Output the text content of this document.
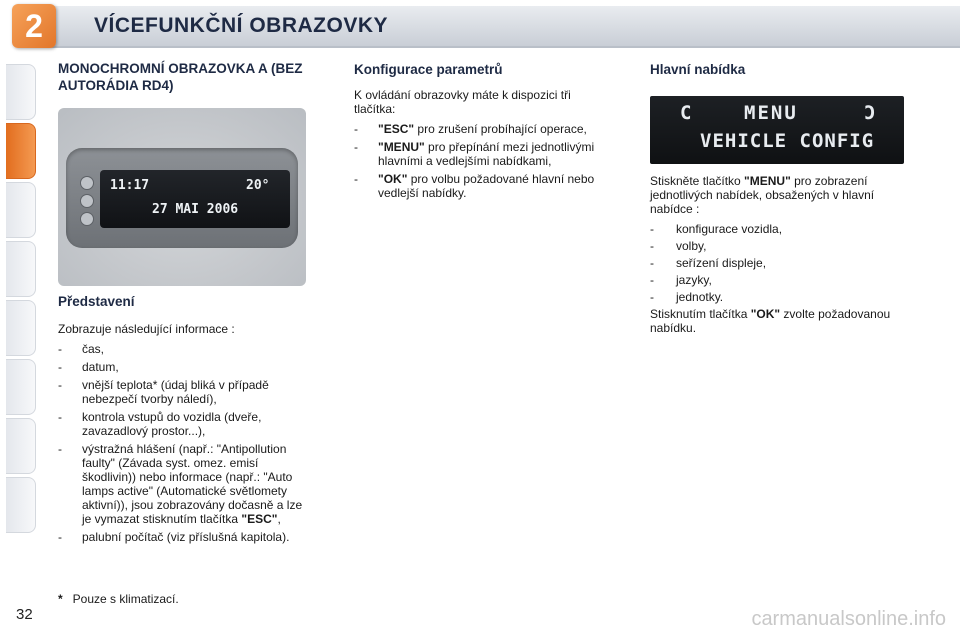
2	VÍCEFUNKČNÍ OBRAZOVKY
MONOCHROMNÍ OBRAZOVKA A (BEZ AUTORÁDIA RD4)
11:17	20°
27 MAI 2006
Představení

Zobrazuje následující informace :

-	čas,
-	datum,
-	vnější teplota* (údaj bliká v případě nebezpečí tvorby náledí),
-	kontrola vstupů do vozidla (dveře, zavazadlový prostor...),
-	výstražná hlášení (např.: "Antipollution faulty" (Závada syst. omez. emisí škodlivin)) nebo informace (např.: "Auto lamps active" (Automatické světlomety aktivní)), jsou zobrazovány dočasně a lze je vymazat stisknutím tlačítka "ESC",
-	palubní počítač (viz příslušná kapitola).
Konfigurace parametrů

K ovládání obrazovky máte k dispozici tři tlačítka:

-	"ESC" pro zrušení probíhající operace,
-	"MENU" pro přepínání mezi jednotlivými hlavními a vedlejšími nabídkami,
-	"OK" pro volbu požadované hlavní nebo vedlejší nabídky.
Hlavní nabídka
C	MENU	Ɔ
VEHICLE CONFIG

Stiskněte tlačítko "MENU" pro zobrazení jednotlivých nabídek, obsažených v hlavní nabídce :

-	konfigurace vozidla,
-	volby,
-	seřízení displeje,
-	jazyky,
-	jednotky.

Stisknutím tlačítka "OK" zvolte požadovanou nabídku.

* Pouze s klimatizací.
32	carmanualsonline.info
